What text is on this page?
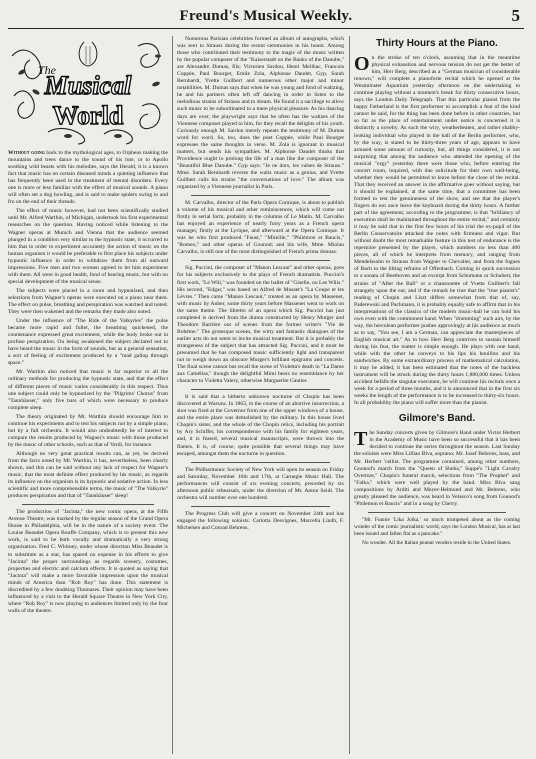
Freund's Musical Weekly.	5
The
Musical
World

Without going back to the mythological ages, to Orpheus making the mountains and trees dance to the sound of his lute, or to Apollo soothing wild beasts with his melodies, says the Herald, it is a known fact that music has on certain diseased minds a quieting influence that has frequently been used in the treatment of mental disorders. Every one is more or less familiar with the effect of musical sounds. A piano will often set a dog howling, and is said to make spiders swing to and fro on the end of their threads.

The effect of music however, had not been scientifically studied until Mr. Alfred Warthin, of Michigan, undertook his first experimental researches on the question. Having noticed while listening to the Wagner operas at Munich and Vienna that the audience seemed plunged in a condition very similar to the hypnotic state, it occurred to him that in order to experiment accurately the action of music on the human organism it would be preferable to first place his subjects under hypnotic influence in order to withdraw them from all outward impressions. Five men and two women agreed to let him experiment with them. All were in good health, fond of hearing music, but with no special development of the musical sense.

The subjects were placed in a room and hypnotized, and then selections from Wagner's operas were executed on a piano near them. The effect on pulse, breathing and perspiration was watched and noted. They were then wakened and the remarks they made also noted.

Under the influence of "The Ride of the Valkyries" the pulse became more rapid and fuller, the breathing quickened, the countenance expressed great excitement, while the body broke out in profuse perspiration. On being awakened the subject declared not to have heard the music in the form of sounds, but as a general sensation, a sort of feeling of excitement produced by a "mad gallop through space."

Mr. Warthin also noticed that music is far superior to all the ordinary methods for producing the hypnotic state, and that the effect of different pieces of music varies considerably in this respect. Thus one subject could only be hypnotized by the "Pilgrims' Chorus" from "Tannhäuser," only five bars of which were necessary to produce complete sleep.

The theory originated by Mr. Warthin should encourage him to continue his experiments and to test his subjects not by a simple piano, but by a full orchestra. It would also undoubtedly be of interest to compare the results produced by Wagner's music with those produced by the music of other schools, such as that of Verdi, for instance.

Although no very great practical results can, as yet, be derived from the facts noted by Mr. Warthin, it has, nevertheless, been clearly shown, and this can be said without any lack of respect for Wagner's music, that the most definite effect produced by his music, as regards its influence on the organism is its hypnotic and sedative action. In less scientific and more comprehensible terms, the music of "The Valkyrie" produces perspiration and that of "Tannhäuser" sleep!

The production of "Jacinta," the new comic opera, at the Fifth Avenue Theatre, was marked by the regular season of the Grand Opera House in Philadelphia, will be in the nature of a society event. The Louise Beaudet Opera Bouffe Company, which is to present this new work, is said to be both vocally and dramatically a very strong organization. Fred C. Whitney, under whose direction Miss Beaudet is to substitute as a star, has spared no expense in his efforts to give "Jacinta" the proper surroundings as regards scenery, costumes, properties and electric and calcium effects. It is quoted as saying that "Jacinta" will make a more favorable impression upon the musical minds of America than "Rob Roy" has done. This statement is discredited by a few doubting Thomases. Their opinion may have been influenced by a visit to the Herald Square Theatre in New York City, where "Rob Roy" is now playing to audiences limited only by the four walls of the theatre.

Numerous Parisian celebrities formed an album of autographs, which was sent to Strauss during the recent ceremonies in his honor. Among those who contributed their testimony to the magic of the music written by the popular composer of the "Kaiserstadt on the Banks of the Danube," are Alexandre Dumas, fils; Victorien Sardou, Henri Meilhac, Francois Coppée, Paul Bourget, Emile Zola, Alphonse Daudet, Gyp, Sarah Bernhardt, Yvette Guilbert and numerous other major and minor notabilities. M. Dumas says that when he was young and fond of waltzing, he and his partners often left off dancing in order to listen to the melodious strains of Strauss and to dream. He found it a sacrilege to allow such music to be subordinated to a mere physical pleasure. As his dancing days are over, the playwright says that he often has the waltzes of the Viennese composer played to him, for they recall the delights of his youth. Curiously enough M. Sardou merely repeats the testimony of M. Dumas word for word. So, too, does the poet Coppée, while Paul Bourget expresses the same thoughts in verse. M. Zola is ignorant in musical matters, but sends his sympathies. M. Alphonse Daudet thinks that Providence ought to prolong the life of a man like the composer of the "Beautiful Blue Danube." Gyp says: "Je ne dors, les valses de Strauss." Mme. Sarah Bernhardt reveres the waltz music as a genius, and Yvette Guilbert calls his strains "the conversations of love." The album was organized by a Viennese journalist in Paris.

M. Carvalho, director of the Paris Opera Comique, is about to publish a volume of his musical and other reminiscences, which will come out firstly in serial form, probably in the columns of Le Matin. M. Carvalho has enjoyed an experience of nearly forty years as a French opera manager, firstly at the Lyrique, and afterward at the Opera Comique. It was he who first produced "Faust," "Mireille," "Philémon et Baucis," "Romeo," and other operas of Gounod; and his wife, Mme. Miolan Carvalho, is still one of the most distinguished of French prima donnas.

Sig. Puccini, the composer of "Manon Lescaut" and other operas, goes for his subjects exclusively to the plays of French dramatists. Puccini's first work, "Le Wili," was founded on the ballet of "Giselle, ou Les Wilis." His second, "Edgar," was based on Alfred de Musset's "La Coupe et les Lèvres." Then came "Manon Lescaut," treated as an opera by Massenet, with music by Auber, some thirty years before Massenet went to work on the same theme. The libretto of an opera which Sig. Puccini has just completed is derived from the drama constructed by Henry Murger and Theodore Barrière out of scenes from the former writer's "Vie de Bohème." The grotesque scenes, the witty and fantastic dialogues of the earlier acts do not seem to invite musical treatment. But it is probably the strangeness of the subject that has attracted Sig. Puccini, and it must be presumed that he has composed music sufficiently light and transparent not to weigh down an obscure Murger's brilliant epigrams and conceits. The final scene cannot but recall the scene of Violetta's death in "La Dame aux Camélias," though the delightful Mimi bears no resemblance by her character to Violetta Valery, otherwise Marguerite Gautier.

It is said that a hitherto unknown nocturne of Chopin has been discovered at Warsaw. In 1863, in the course of an abortive insurrection, a shot was fired at the Governor from one of the upper windows of a house, and the entire place was demolished by the military. In this house lived Chopin's sister, and the whole of the Chopin relics, including his portrait by Ary Schiffer, his correspondence with his family for eighteen years, and, it is feared, several musical manuscripts, were thrown into the flames. It is, of course, quite possible that several things may have escaped, amongst them the nocturne in question.

The Philharmonic Society of New York will open its season on Friday and Saturday, November 16th and 17th, at Carnegie Music Hall. The performances will consist of six evening concerts, preceded by six afternoon public rehearsals, under the direction of Mr. Anton Seidl. The orchestra will number over one hundred.

The Progress Club will give a concert on November 24th and has engaged the following soloists: Carlotta Desvignes, Marcella Lindh, F. Michelsen and Conrad Behrens.

Thirty Hours at the Piano.

On the stroke of ten o'clock, assuming that in the meantime physical exhaustion and nervous tension do not get the better of him, Herr Berg, described as a "German musician of considerable renown," will complete a pianoforte recital which he opened at the Westminster Aquarium yesterday afternoon on the undertaking to continue playing without a moment's break for thirty consecutive hours, says the London Daily Telegraph. That this particular pianist from the happy Fatherland is the first performer to accomplish a feat of the kind cannot be said, for the thing has been done before in other countries, but so far as the place of entertainment under notice is concerned it is distinctly a novelty. As such the wiry, weatherbeaten, and rather shabby-looking individual who played in the hall of the Berlin performer, who, by the way, is stated to be thirty-three years of age, appears to have aroused some amount of curiosity, but, all things considered, it is not surprising that among the audience who attended the opening of the musical "orgy" yesterday there were those who, before entering the concert room, inquired, with due solicitude for their own well-being, whether they would be permitted to leave before the close of the recital. That they received an answer in the affirmative goes without saying, but it should be explained, at the same time, that a committee has been formed to test the genuineness of the show, and see that the player's fingers do not once leave the keyboard during the thirty hours. A further part of the agreement, according to the programme, is that "brilliancy of execution shall be maintained throughout the entire recital," and certainly it may be said that in the first few hours of his trial the ex-pupil of the Berlin Conservatoire attacked the notes with firmness and vigor. But without doubt the most remarkable feature in this test of endurance is the repertoire presented by the player, which numbers no less than 400 pieces, all of which he interprets from memory, and ranging from Mendelssohn to Strauss from Wagner to Chevalier, and from the fugues of Bach to the lilting refrains of Offenbach. Coming in quick succession to a sonata of Beethoven and an excerpt from Schumann or Schubert, the strains of "After the Ball" or a chansonette of Yvette Guilbert's fall strangely upon the ear, and if the remark be true that the "true pianist's" reading of Chopin and Liszt differs somewhat from that of, say, Paderewski and Pachmann, it is probably equally safe to affirm that in his interpretations of the classics of the modern music-hall he can hold his own even with the commonest hand. When "drumming" such airs, by the way, the herculean performer pushes approvingly at his audience as much as to say, "You see, I am a German, can appreciate the masterpieces of English musical art." As to how Herr Berg contrives to sustain himself during his feat, the matter is simple enough. He plays with one hand, while with the other he conveys to his lips his bouillon and his sandwiches. By some extraordinary process of mathematical calculation, it may be added, it has been estimated that the notes of the backless instrument will be struck during the thirty hours 1,800,000 times. Unless accident befalls the singular executant, he will continue his recitals once a week for a period of three months, and it is announced that in the first six weeks the length of the performance is to be increased to thirty-six hours. In all probability the piano will suffer more than the pianist.

Gilmore's Band.

The Sunday concerts given by Gilmore's Band under Victor Herbert in the Academy of Music have been so successful that it has been decided to continue the series throughout the season. Last Sunday the soloists were Miss Lillian Blva, soprano; Mr. Josef Behrens, bass, and Mr. Herbert 'cellist. The programme contained, among other numbers, Gounod's march from the "Queen of Sheba," Suppé's "Light Cavalry Overture," Chopin's funeral march, selections from "The Prophet" and "Falka," which were well played by the band. Miss Blva sang compositions by Arditi and Meyer-Helmund and Mr. Behrens, who greatly pleased the audience, was heard in Velasco's song from Gounod's "Philemon et Baucis" and in a song by Cherry.

"Mr. Funnie 'Lika Jolka,' so much trumpeted about as the coming wonder of the comic journalistic world, says the London Musical, has at last been issued and fallen flat as a pancake."

No wonder. All the Italian peanut venders reside in the United States.
